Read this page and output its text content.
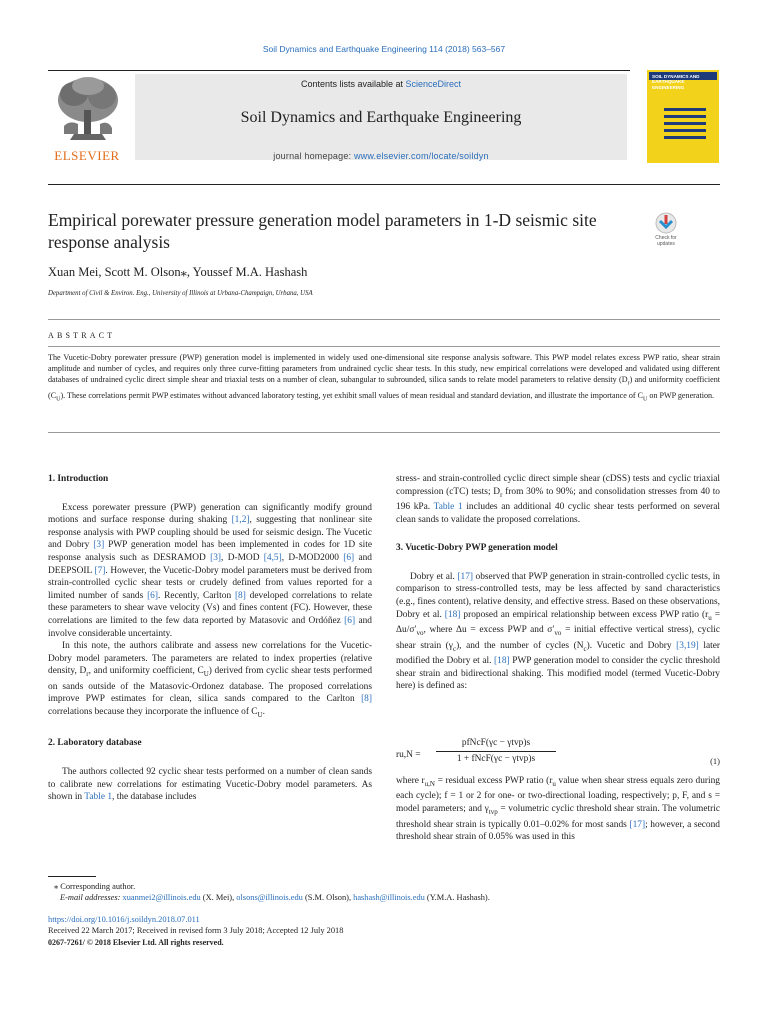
Soil Dynamics and Earthquake Engineering 114 (2018) 563–567
ELSEVIER
Contents lists available at ScienceDirect
Soil Dynamics and Earthquake Engineering
journal homepage: www.elsevier.com/locate/soildyn
SOIL DYNAMICS AND EARTHQUAKE ENGINEERING
Empirical porewater pressure generation model parameters in 1-D seismic site response analysis	Check for
updates
Xuan Mei, Scott M. Olson⁎, Youssef M.A. Hashash
Department of Civil & Environ. Eng., University of Illinois at Urbana-Champaign, Urbana, USA
ABSTRACT
The Vucetic-Dobry porewater pressure (PWP) generation model is implemented in widely used one-dimensional site response analysis software. This PWP model relates excess PWP ratio, shear strain amplitude and number of cycles, and requires only three curve-fitting parameters from undrained cyclic shear tests. In this study, new empirical correlations were developed and validated using different databases of undrained cyclic direct simple shear and triaxial tests on a number of clean, subangular to subrounded, silica sands to relate model parameters to relative density $(D_r)$ and uniformity coefficient $(C_U)$. These correlations permit PWP estimates without advanced laboratory testing, yet exhibit small values of mean residual and standard deviation, and illustrate the importance of $C_U$ on PWP generation.
1. Introduction

Excess porewater pressure (PWP) generation can significantly modify ground motions and surface response during shaking [1,2], suggesting that nonlinear site response analysis with PWP coupling should be used for seismic design. The Vucetic and Dobry [3] PWP generation model has been implemented in codes for 1D site response analysis such as DESRAMOD [3], D-MOD [4,5], D-MOD2000 [6] and DEEPSOIL [7]. However, the Vucetic-Dobry model parameters must be derived from strain-controlled cyclic shear tests or crudely defined from values reported for a limited number of sands [6]. Recently, Carlton [8] developed correlations to relate these parameters to shear wave velocity (Vs) and fines content (FC). However, these correlations are limited to the few data reported by Matasovic and Ordóñez [6] and involve considerable uncertainty.

In this note, the authors calibrate and assess new correlations for the Vucetic-Dobry model parameters. The parameters are related to index properties (relative density, $D_r$, and uniformity coefficient, $C_U$) derived from cyclic shear tests performed on sands outside of the Matasovic-Ordonez database. The proposed correlations improve PWP estimates for clean, silica sands compared to the Carlton [8] correlations because they incorporate the influence of $C_U$.

2. Laboratory database

The authors collected 92 cyclic shear tests performed on a number of clean sands to calibrate new correlations for estimating Vucetic-Dobry model parameters. As shown in Table 1, the database includes

stress- and strain-controlled cyclic direct simple shear (cDSS) tests and cyclic triaxial compression (cTC) tests; $D_r$ from 30% to 90%; and consolidation stresses from 40 to 196 kPa. Table 1 includes an additional 40 cyclic shear tests performed on several clean sands to validate the proposed correlations.

3. Vucetic-Dobry PWP generation model

Dobry et al. [17] observed that PWP generation in strain-controlled cyclic tests, in comparison to stress-controlled tests, may be less affected by sand characteristics (e.g., fines content), relative density, and effective stress. Based on these observations, Dobry et al. [18] proposed an empirical relationship between excess PWP ratio ($r_u = \Delta u/\sigma'_{vo}$, where Δu = excess PWP and $\sigma'_{vo}$ = initial effective vertical stress), cyclic shear strain $(\gamma_c)$, and the number of cycles $(N_c)$. Vucetic and Dobry [3,19] later modified the Dobry et al. [18] PWP generation model to consider the cyclic threshold shear strain and bidirectional shaking. This modified model (termed Vucetic-Dobry here) is defined as:

ru,N =
pfNcF(γc − γtvp)s
1 + fNcF(γc − γtvp)s	(1)

where $r_{u,N}$ = residual excess PWP ratio ($r_u$ value when shear stress equals zero during each cycle); f = 1 or 2 for one- or two-directional loading, respectively; p, F, and s = model parameters; and $\gamma_{tvp}$ = volumetric cyclic threshold shear strain. The volumetric threshold shear strain is typically 0.01–0.02% for most sands [17]; however, a second threshold shear strain of 0.05% was used in this

⁎ Corresponding author.
E-mail addresses: xuanmei2@illinois.edu (X. Mei), olsons@illinois.edu (S.M. Olson), hashash@illinois.edu (Y.M.A. Hashash).
https://doi.org/10.1016/j.soildyn.2018.07.011
Received 22 March 2017; Received in revised form 3 July 2018; Accepted 12 July 2018
0267-7261/ © 2018 Elsevier Ltd. All rights reserved.
